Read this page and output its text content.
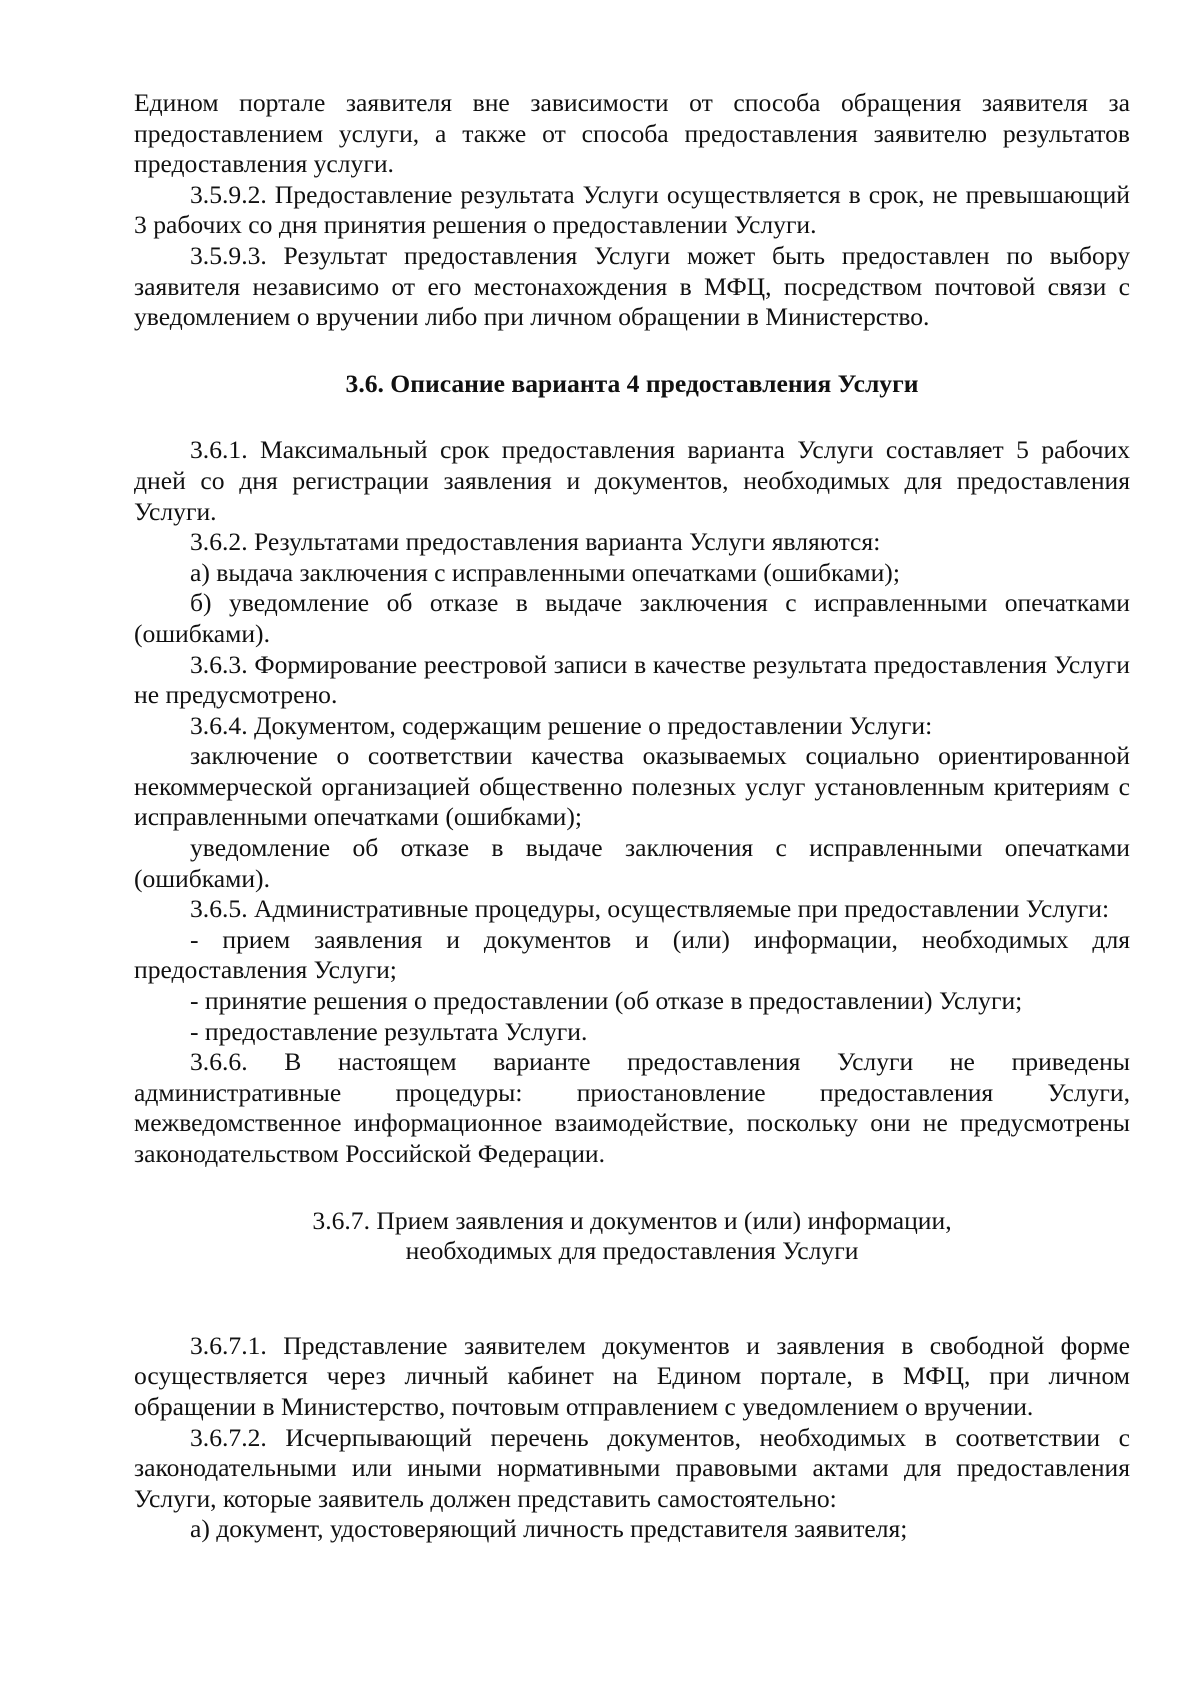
Едином портале заявителя вне зависимости от способа обращения заявителя за предоставлением услуги, а также от способа предоставления заявителю результатов предоставления услуги.

3.5.9.2. Предоставление результата Услуги осуществляется в срок, не превышающий 3 рабочих со дня принятия решения о предоставлении Услуги.

3.5.9.3. Результат предоставления Услуги может быть предоставлен по выбору заявителя независимо от его местонахождения в МФЦ, посредством почтовой связи с уведомлением о вручении либо при личном обращении в Министерство.

3.6. Описание варианта 4 предоставления Услуги

3.6.1. Максимальный срок предоставления варианта Услуги составляет 5 рабочих дней со дня регистрации заявления и документов, необходимых для предоставления Услуги.

3.6.2. Результатами предоставления варианта Услуги являются:

а) выдача заключения с исправленными опечатками (ошибками);

б) уведомление об отказе в выдаче заключения с исправленными опечатками (ошибками).

3.6.3. Формирование реестровой записи в качестве результата предоставления Услуги не предусмотрено.

3.6.4. Документом, содержащим решение о предоставлении Услуги:

заключение о соответствии качества оказываемых социально ориентированной некоммерческой организацией общественно полезных услуг установленным критериям с исправленными опечатками (ошибками);

уведомление об отказе в выдаче заключения с исправленными опечатками (ошибками).

3.6.5. Административные процедуры, осуществляемые при предоставлении Услуги:

- прием заявления и документов и (или) информации, необходимых для предоставления Услуги;

- принятие решения о предоставлении (об отказе в предоставлении) Услуги;

- предоставление результата Услуги.

3.6.6. В настоящем варианте предоставления Услуги не приведены административные процедуры: приостановление предоставления Услуги, межведомственное информационное взаимодействие, поскольку они не предусмотрены законодательством Российской Федерации.

3.6.7. Прием заявления и документов и (или) информации,

необходимых для предоставления Услуги

3.6.7.1. Представление заявителем документов и заявления в свободной форме осуществляется через личный кабинет на Едином портале, в МФЦ, при личном обращении в Министерство, почтовым отправлением с уведомлением о вручении.

3.6.7.2. Исчерпывающий перечень документов, необходимых в соответствии с законодательными или иными нормативными правовыми актами для предоставления Услуги, которые заявитель должен представить самостоятельно:

а) документ, удостоверяющий личность представителя заявителя;
